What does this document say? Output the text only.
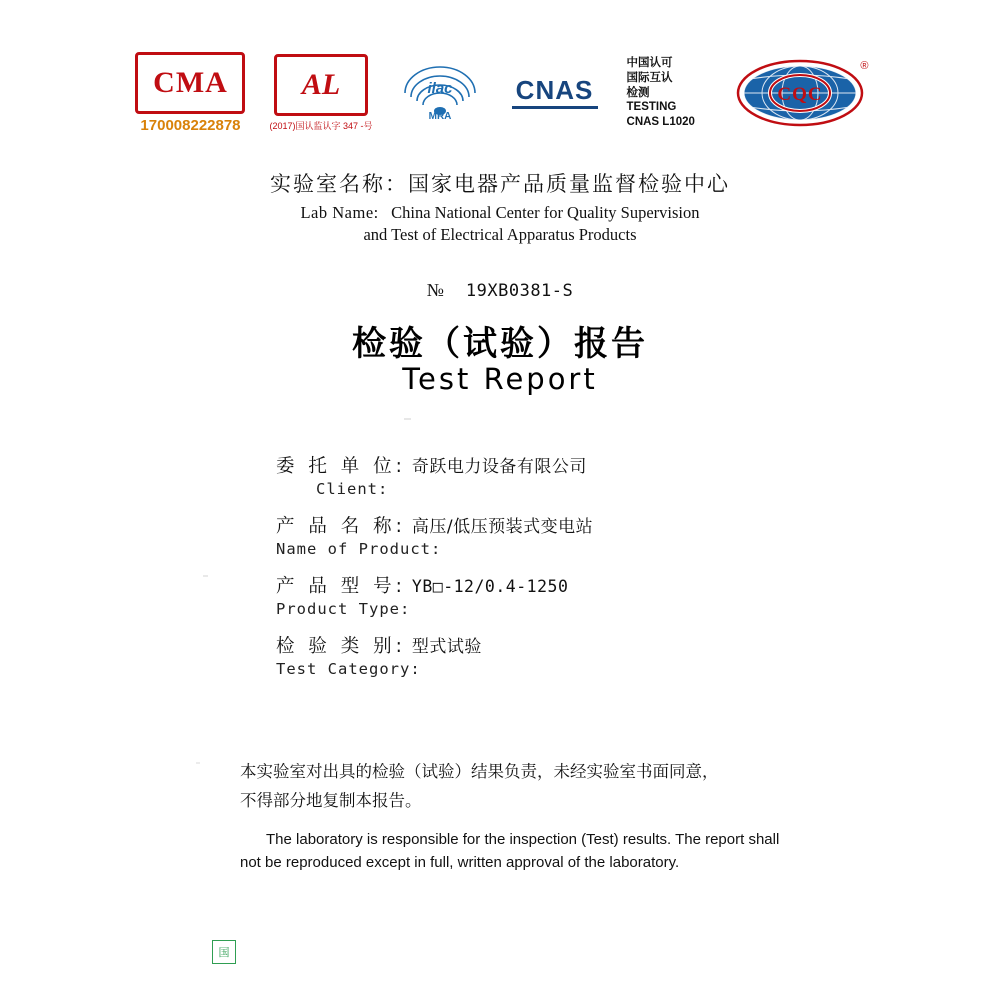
CMA
170008222878
AL
(2017)国认监认字 347 -号
ilac
MRA
CNAS
中国认可
国际互认
检测
TESTING
CNAS L1020
CQC
®
实验室名称：国家电器产品质量监督检验中心
Lab Name: China National Center for Quality Supervision
and Test of Electrical Apparatus Products
№ 19XB0381-S
检验（试验）报告
Test Report
委 托 单 位: 奇跃电力设备有限公司
Client:
产 品 名 称: 高压/低压预装式变电站
Name of Product:
产 品 型 号: YB□-12/0.4-1250
Product Type:
检 验 类 别: 型式试验
Test Category:
本实验室对出具的检验（试验）结果负责，未经实验室书面同意，
不得部分地复制本报告。
The laboratory is responsible for the inspection (Test) results. The report shall
not be reproduced except in full, written approval of the laboratory.
国
